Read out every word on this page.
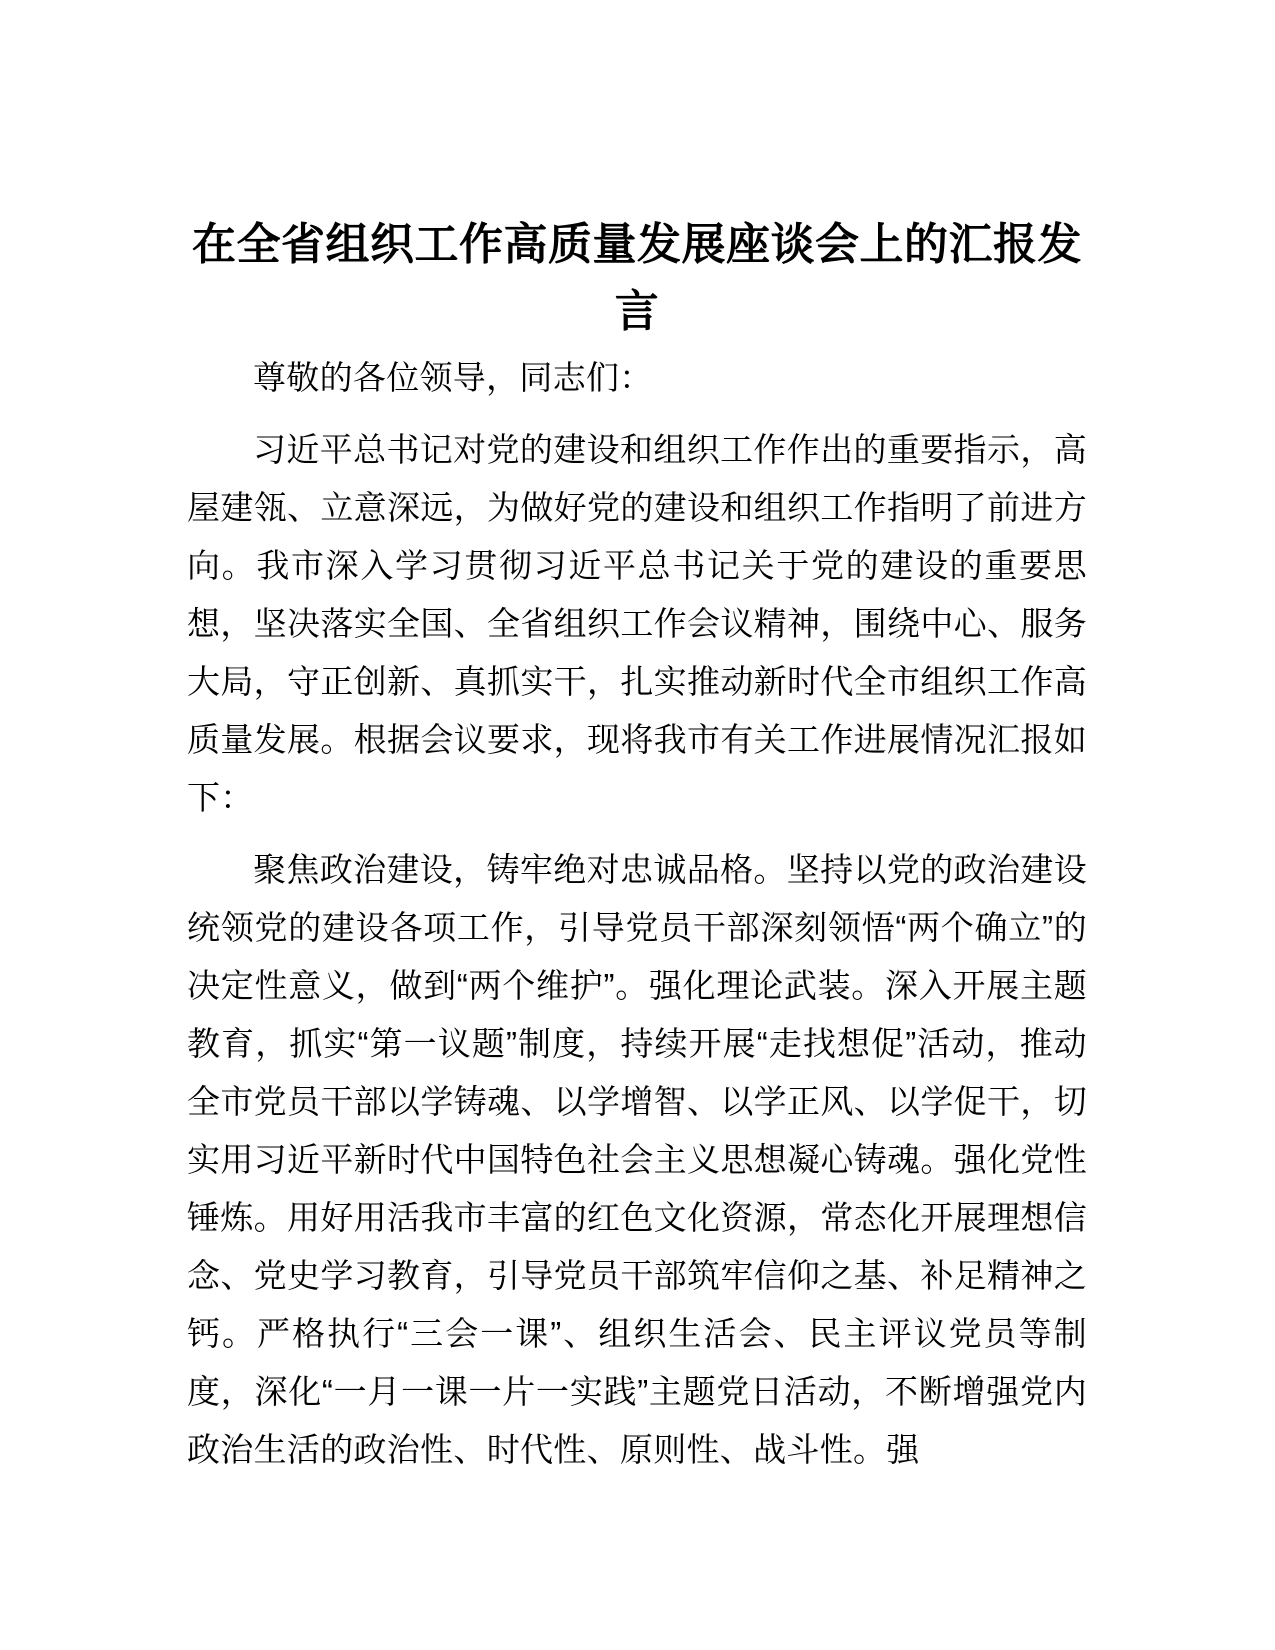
在全省组织工作高质量发展座谈会上的汇报发言

尊敬的各位领导，同志们：

习近平总书记对党的建设和组织工作作出的重要指示，高屋建瓴、立意深远，为做好党的建设和组织工作指明了前进方向。我市深入学习贯彻习近平总书记关于党的建设的重要思想，坚决落实全国、全省组织工作会议精神，围绕中心、服务大局，守正创新、真抓实干，扎实推动新时代全市组织工作高质量发展。根据会议要求，现将我市有关工作进展情况汇报如下：

聚焦政治建设，铸牢绝对忠诚品格。坚持以党的政治建设统领党的建设各项工作，引导党员干部深刻领悟“两个确立”的决定性意义，做到“两个维护”。强化理论武装。深入开展主题教育，抓实“第一议题”制度，持续开展“走找想促”活动，推动全市党员干部以学铸魂、以学增智、以学正风、以学促干，切实用习近平新时代中国特色社会主义思想凝心铸魂。强化党性锤炼。用好用活我市丰富的红色文化资源，常态化开展理想信念、党史学习教育，引导党员干部筑牢信仰之基、补足精神之钙。严格执行“三会一课”、组织生活会、民主评议党员等制度，深化“一月一课一片一实践”主题党日活动，不断增强党内政治生活的政治性、时代性、原则性、战斗性。强
